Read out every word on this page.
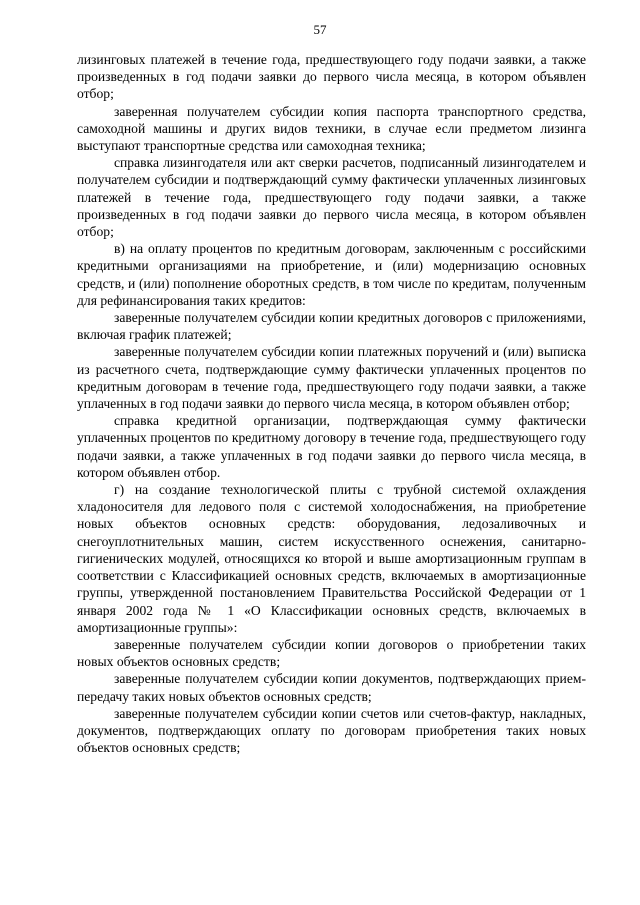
57

лизинговых платежей в течение года, предшествующего году подачи заявки, а также произведенных в год подачи заявки до первого числа месяца, в котором объявлен отбор;

заверенная получателем субсидии копия паспорта транспортного средства, самоходной машины и других видов техники, в случае если предметом лизинга выступают транспортные средства или самоходная техника;

справка лизингодателя или акт сверки расчетов, подписанный лизингодателем и получателем субсидии и подтверждающий сумму фактически уплаченных лизинговых платежей в течение года, предшествующего году подачи заявки, а также произведенных в год подачи заявки до первого числа месяца, в котором объявлен отбор;

в) на оплату процентов по кредитным договорам, заключенным с российскими кредитными организациями на приобретение, и (или) модернизацию основных средств, и (или) пополнение оборотных средств, в том числе по кредитам, полученным для рефинансирования таких кредитов:

заверенные получателем субсидии копии кредитных договоров с приложениями, включая график платежей;

заверенные получателем субсидии копии платежных поручений и (или) выписка из расчетного счета, подтверждающие сумму фактически уплаченных процентов по кредитным договорам в течение года, предшествующего году подачи заявки, а также уплаченных в год подачи заявки до первого числа месяца, в котором объявлен отбор;

справка кредитной организации, подтверждающая сумму фактически уплаченных процентов по кредитному договору в течение года, предшествующего году подачи заявки, а также уплаченных в год подачи заявки до первого числа месяца, в котором объявлен отбор.

г) на создание технологической плиты с трубной системой охлаждения хладоносителя для ледового поля с системой холодоснабжения, на приобретение новых объектов основных средств: оборудования, ледозаливочных и снегоуплотнительных машин, систем искусственного оснежения, санитарно-гигиенических модулей, относящихся ко второй и выше амортизационным группам в соответствии с Классификацией основных средств, включаемых в амортизационные группы, утвержденной постановлением Правительства Российской Федерации от 1 января 2002 года № 1 «О Классификации основных средств, включаемых в амортизационные группы»:

заверенные получателем субсидии копии договоров о приобретении таких новых объектов основных средств;

заверенные получателем субсидии копии документов, подтверждающих прием-передачу таких новых объектов основных средств;

заверенные получателем субсидии копии счетов или счетов-фактур, накладных, документов, подтверждающих оплату по договорам приобретения таких новых объектов основных средств;
